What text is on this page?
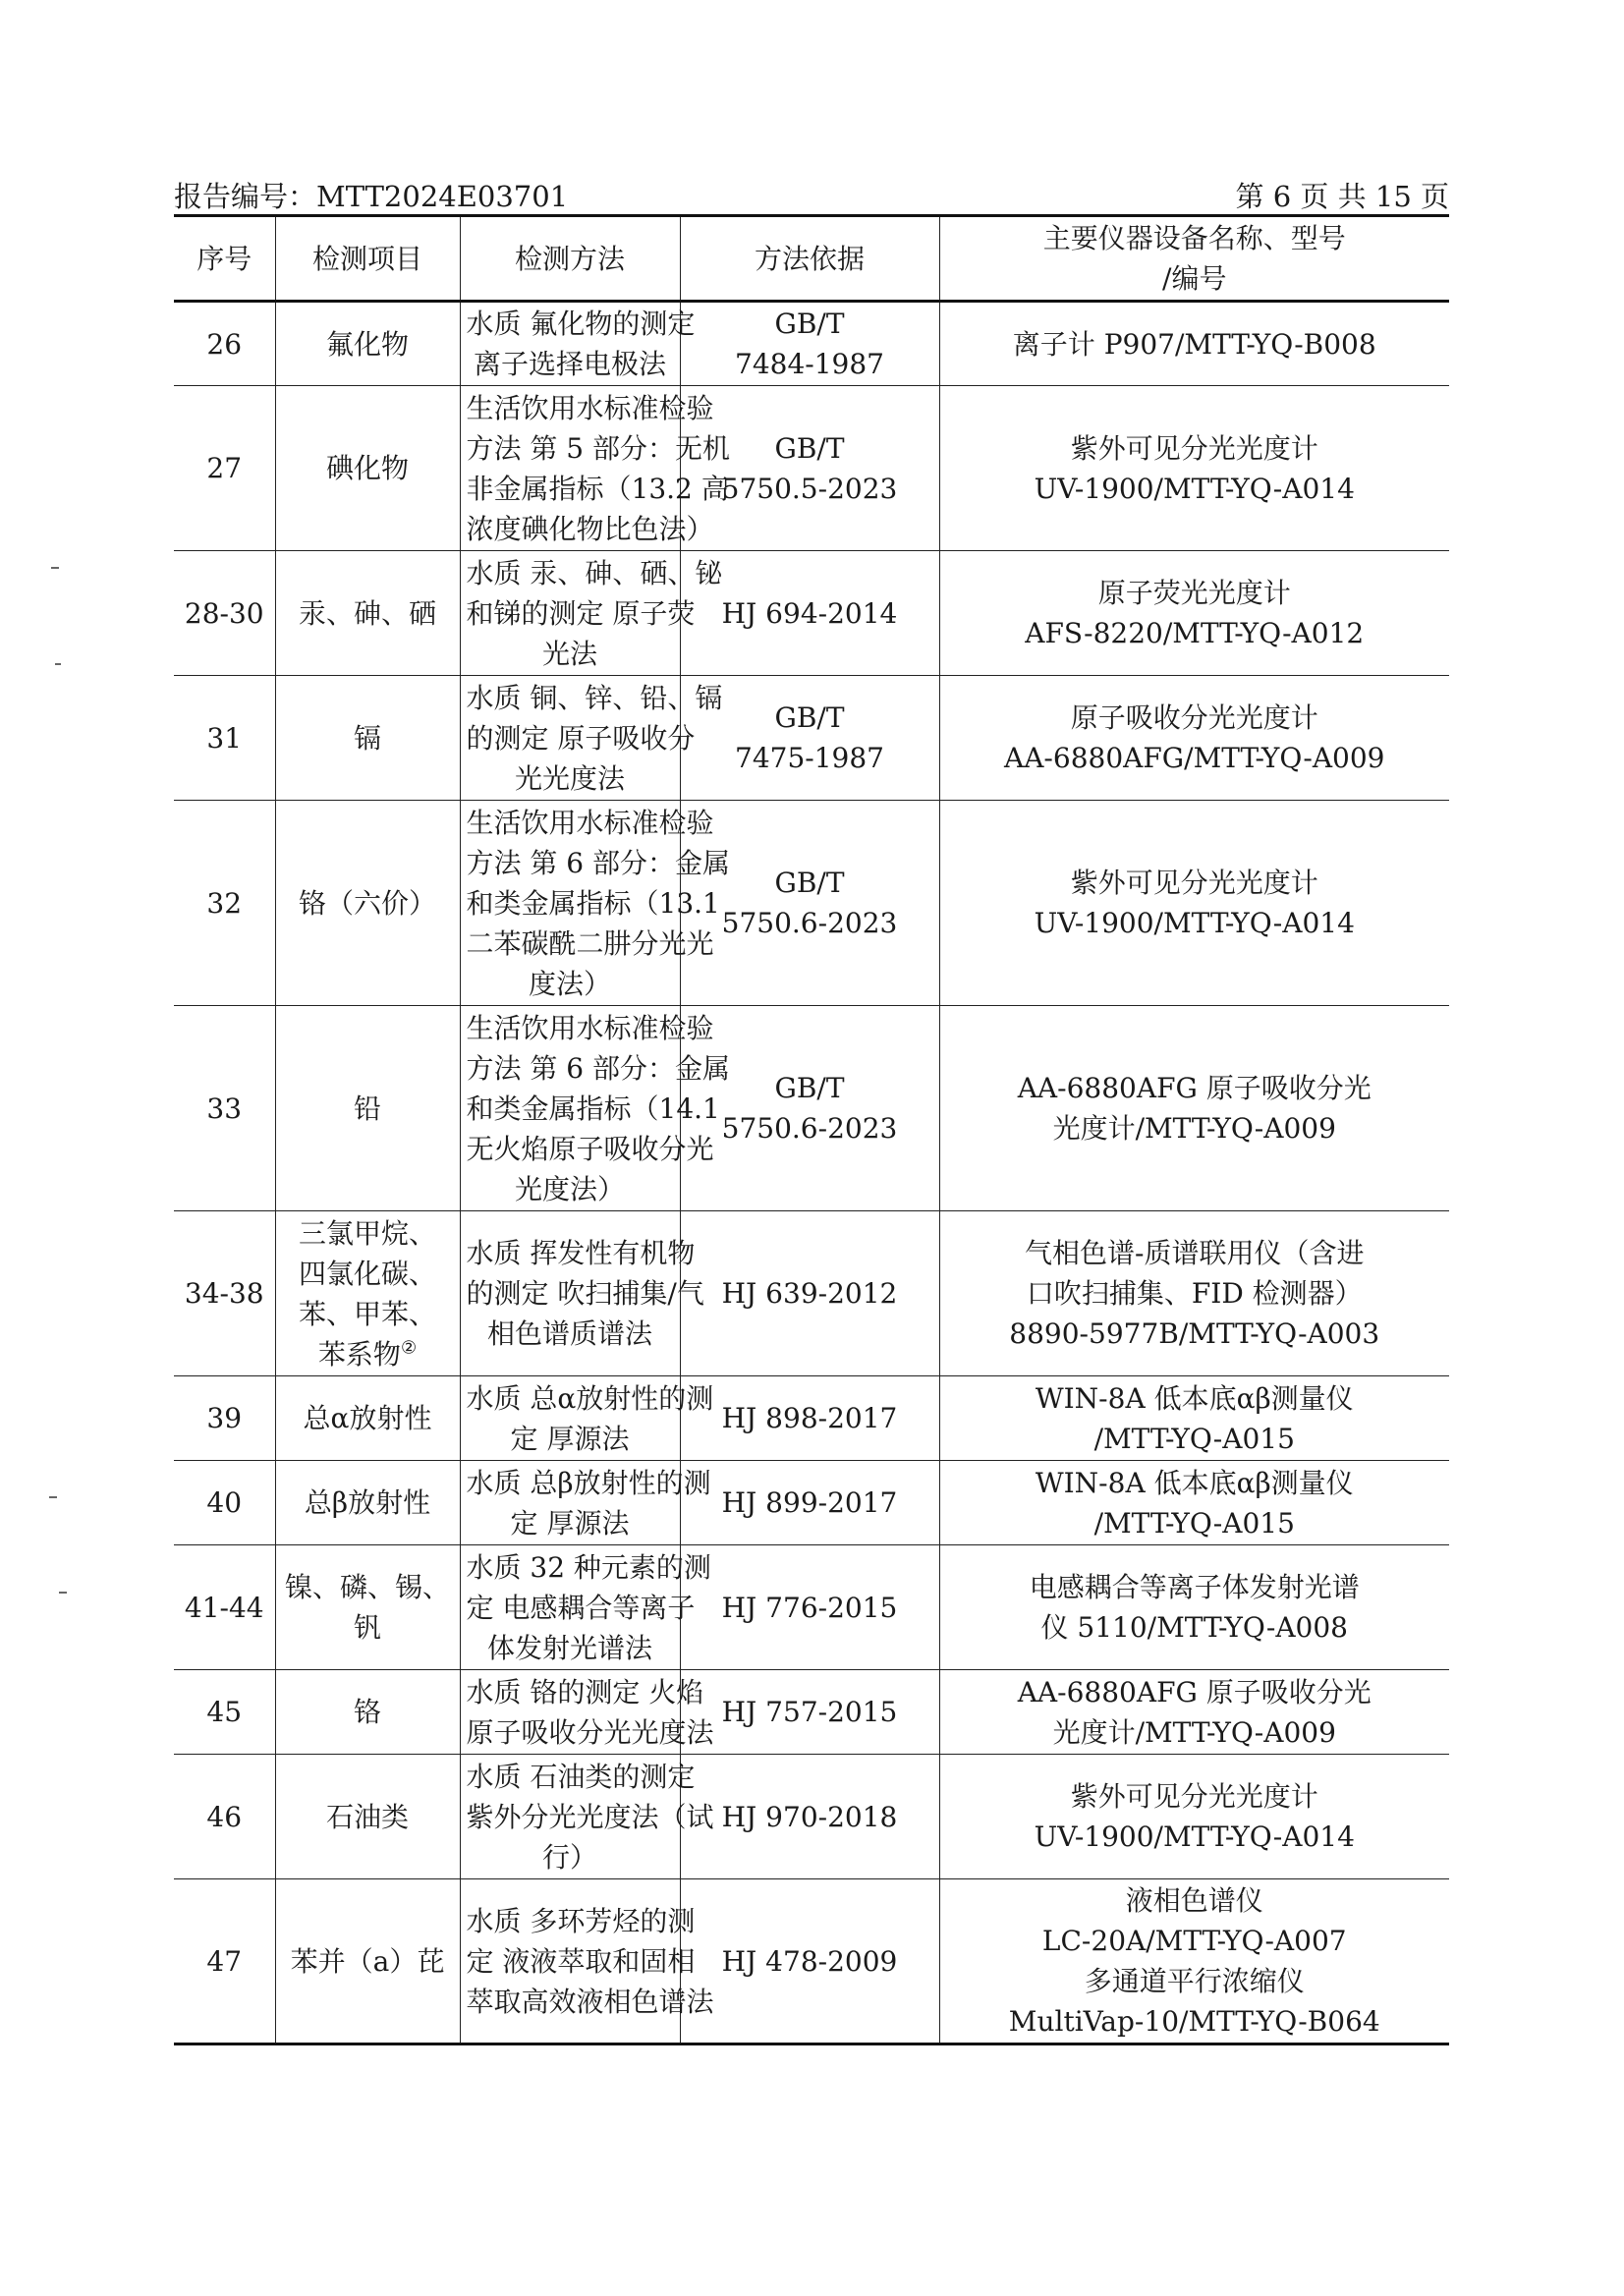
报告编号：MTT2024E03701	第 6 页 共 15 页
序号	检测项目	检测方法	方法依据	主要仪器设备名称、型号
/编号

26	氟化物	水质 氟化物的测定
离子选择电极法	GB/T
7484-1987	离子计 P907/MTT-YQ-B008

27	碘化物	生活饮用水标准检验
方法 第 5 部分：无机
非金属指标（13.2 高
浓度碘化物比色法）	GB/T
5750.5-2023	紫外可见分光光度计
UV-1900/MTT-YQ-A014

28-30	汞、砷、硒	水质 汞、砷、硒、铋
和锑的测定 原子荧
光法	HJ 694-2014	原子荧光光度计
AFS-8220/MTT-YQ-A012

31	镉	水质 铜、锌、铅、镉
的测定 原子吸收分
光光度法	GB/T
7475-1987	原子吸收分光光度计
AA-6880AFG/MTT-YQ-A009

32	铬（六价）	生活饮用水标准检验
方法 第 6 部分：金属
和类金属指标（13.1
二苯碳酰二肼分光光
度法）	GB/T
5750.6-2023	紫外可见分光光度计
UV-1900/MTT-YQ-A014

33	铅	生活饮用水标准检验
方法 第 6 部分：金属
和类金属指标（14.1
无火焰原子吸收分光
光度法）	GB/T
5750.6-2023	AA-6880AFG 原子吸收分光
光度计/MTT-YQ-A009

34-38	三氯甲烷、
四氯化碳、
苯、甲苯、
苯系物②	水质 挥发性有机物
的测定 吹扫捕集/气
相色谱质谱法	HJ 639-2012	气相色谱-质谱联用仪（含进
口吹扫捕集、FID 检测器）
8890-5977B/MTT-YQ-A003

39	总α放射性	水质 总α放射性的测
定 厚源法	HJ 898-2017	WIN-8A 低本底αβ测量仪
/MTT-YQ-A015

40	总β放射性	水质 总β放射性的测
定 厚源法	HJ 899-2017	WIN-8A 低本底αβ测量仪
/MTT-YQ-A015

41-44	镍、磷、锡、
钒	水质 32 种元素的测
定 电感耦合等离子
体发射光谱法	HJ 776-2015	电感耦合等离子体发射光谱
仪 5110/MTT-YQ-A008

45	铬	水质 铬的测定 火焰
原子吸收分光光度法	HJ 757-2015	AA-6880AFG 原子吸收分光
光度计/MTT-YQ-A009

46	石油类	水质 石油类的测定
紫外分光光度法（试
行）	HJ 970-2018	紫外可见分光光度计
UV-1900/MTT-YQ-A014

47	苯并（a）芘	水质 多环芳烃的测
定 液液萃取和固相
萃取高效液相色谱法	HJ 478-2009	液相色谱仪
LC-20A/MTT-YQ-A007
多通道平行浓缩仪
MultiVap-10/MTT-YQ-B064
